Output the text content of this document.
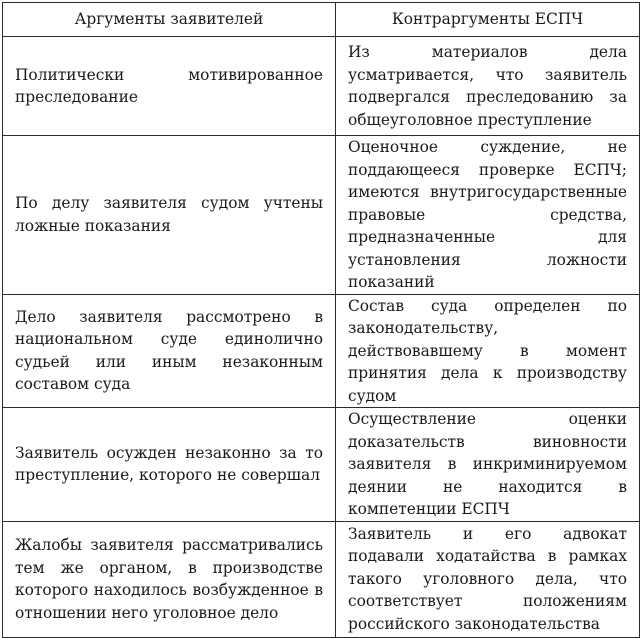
Аргументы заявителей	Контраргументы ЕСПЧ
Политически мотивированное преследование	Из материалов дела усматривается, что заявитель подвергался преследованию за общеуголовное преступление
По делу заявителя судом учтены ложные показания	Оценочное суждение, не поддающееся проверке ЕСПЧ; имеются внутригосударственные правовые средства, предназначенные для установления ложности показаний
Дело заявителя рассмотрено в национальном суде единолично судьей или иным незаконным составом суда	Состав суда определен по законодательству, действовавшему в момент принятия дела к производству судом
Заявитель осужден незаконно за то преступление, которого не совершал	Осуществление оценки доказательств виновности заявителя в инкриминируемом деянии не находится в компетенции ЕСПЧ
Жалобы заявителя рассматривались тем же органом, в производстве которого находилось возбужденное в отношении него уголовное дело	Заявитель и его адвокат подавали ходатайства в рамках такого уголовного дела, что соответствует положениям российского законодательства
